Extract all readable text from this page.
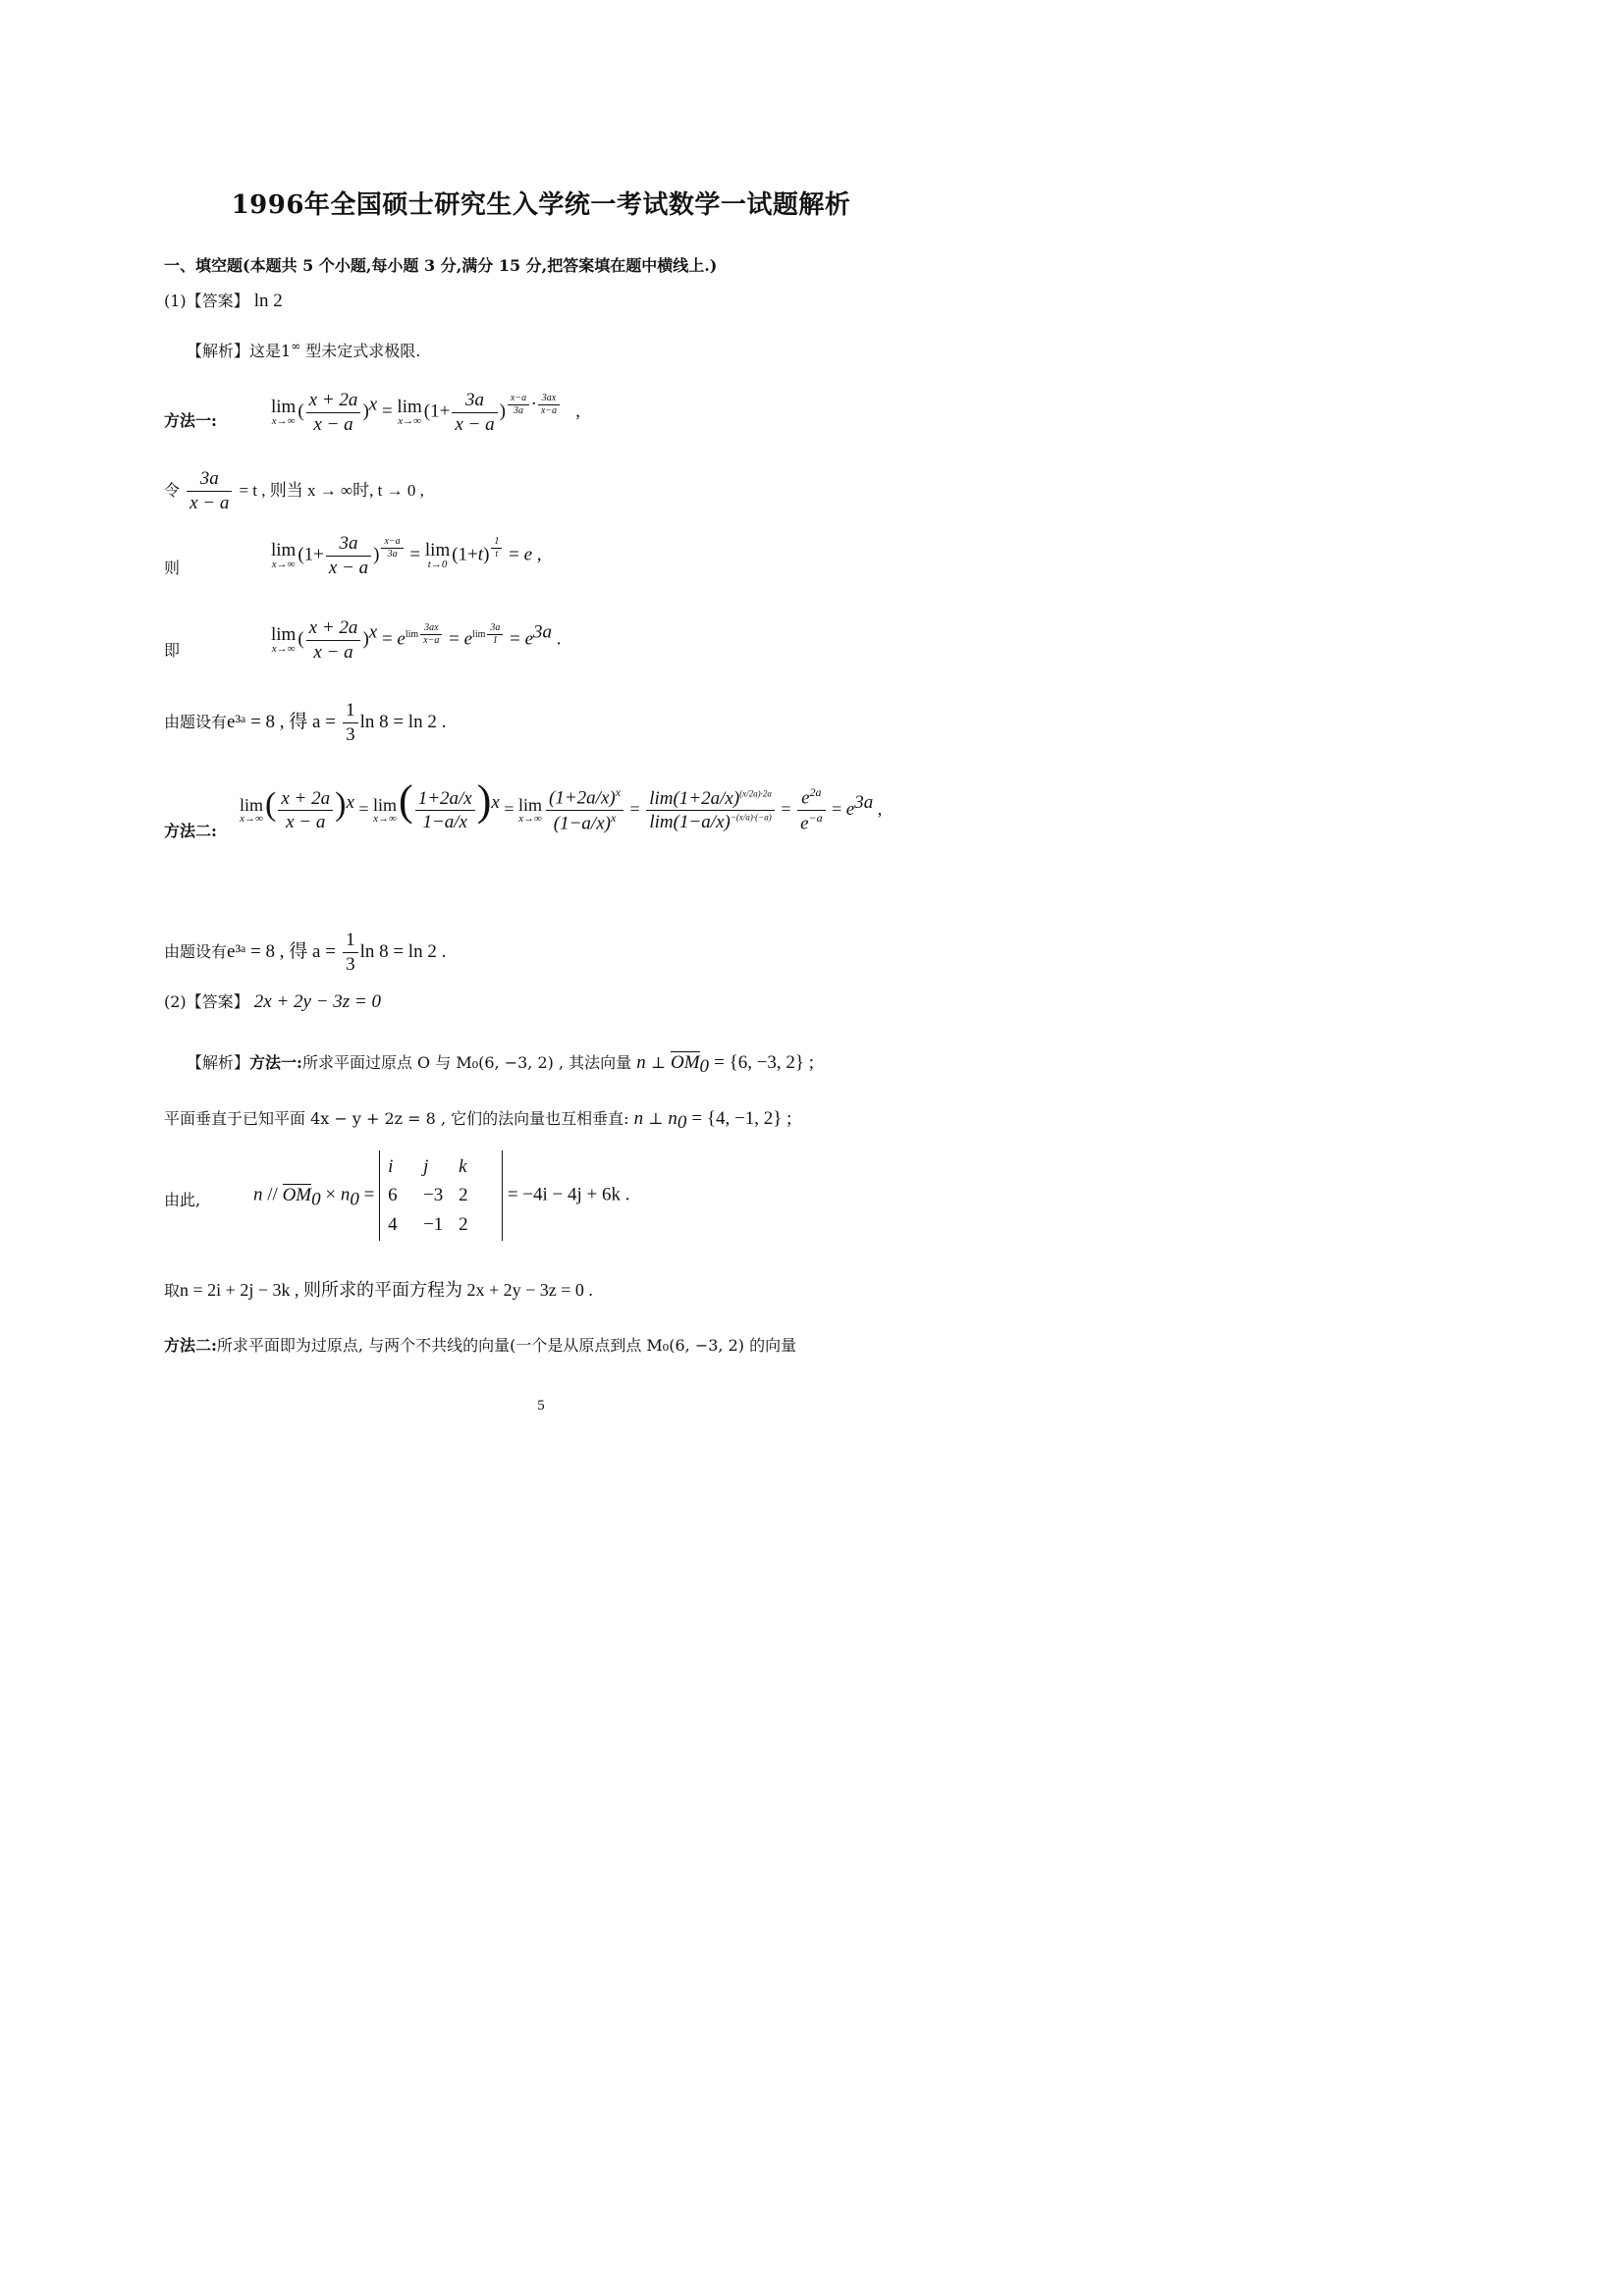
1996年全国硕士研究生入学统一考试数学一试题解析
一、填空题(本题共 5 个小题,每小题 3 分,满分 15 分,把答案填在题中横线上.)
(1)【答案】 ln 2
【解析】这是1∞ 型未定式求极限.
方法一:
lim
x→∞ ( $\frac{x + 2a}{x - a} )^x = \lim$
x→∞ ($1+ \frac{3a}{x - a}$ ) $^{\frac{x-a}{3a} \cdot \frac{3ax}{x-a}}$ ,
令 $\frac{3a}{x - a} = t$ , 则当 x → ∞时, t → 0 ,
则
lim
x→∞ ($1+ \frac{3a}{x - a}$ ) $^{\frac{x-a}{3a}}$ = lim
t→0 (1+t) $^{\frac{1}{t}}$ = e ,
即
lim
x→∞ ( $\frac{x + 2a}{x - a} )^x = e^{lim \frac{3ax}{x-a}} = e^{lim \frac{3a}{1}} = e^{3a}$ .
由题设有e³ᵃ = 8 , 得 $a = \frac{1}{3}$ ln 8 = ln 2 .
方法二:
lim
x→∞ ( $\frac{x + 2a}{x - a} )^x = \lim$
x→∞ ( $\frac{1+2a/x}{1-a/x} )^x = \lim$
$x\to\infty \frac{(1+2a/x)^x}{(1-a/x)^x} = \frac{\lim(1+2a/x)^{(x/2a)\cdot 2a}}{\lim(1-a/x)^{-(x/a)\cdot(-a)}} = \frac{e^{2a}}{e^{-a}} = e^{3a}$ ,
由题设有e³ᵃ = 8 , 得 $a = \frac{1}{3}$ ln 8 = ln 2 .
(2)【答案】 2x + 2y − 3z = 0
【解析】方法一:所求平面过原点 O 与 M₀(6, −3, 2) , 其法向量 n ⊥ $OM_0 = \{6$, −3, 2} ;
平面垂直于已知平面 4x − y + 2z = 8 , 它们的法向量也互相垂直: n ⊥ $n_0 = \{4$, −1, 2} ;
由此,	$n // OM_0 \times n_0 = i$ j k
6 −3 2
4 −1 2 = −4i − 4j + 6k .
取n = 2i + 2j − 3k , 则所求的平面方程为 2x + 2y − 3z = 0 .
方法二:所求平面即为过原点, 与两个不共线的向量(一个是从原点到点 M₀(6, −3, 2) 的向量
5
